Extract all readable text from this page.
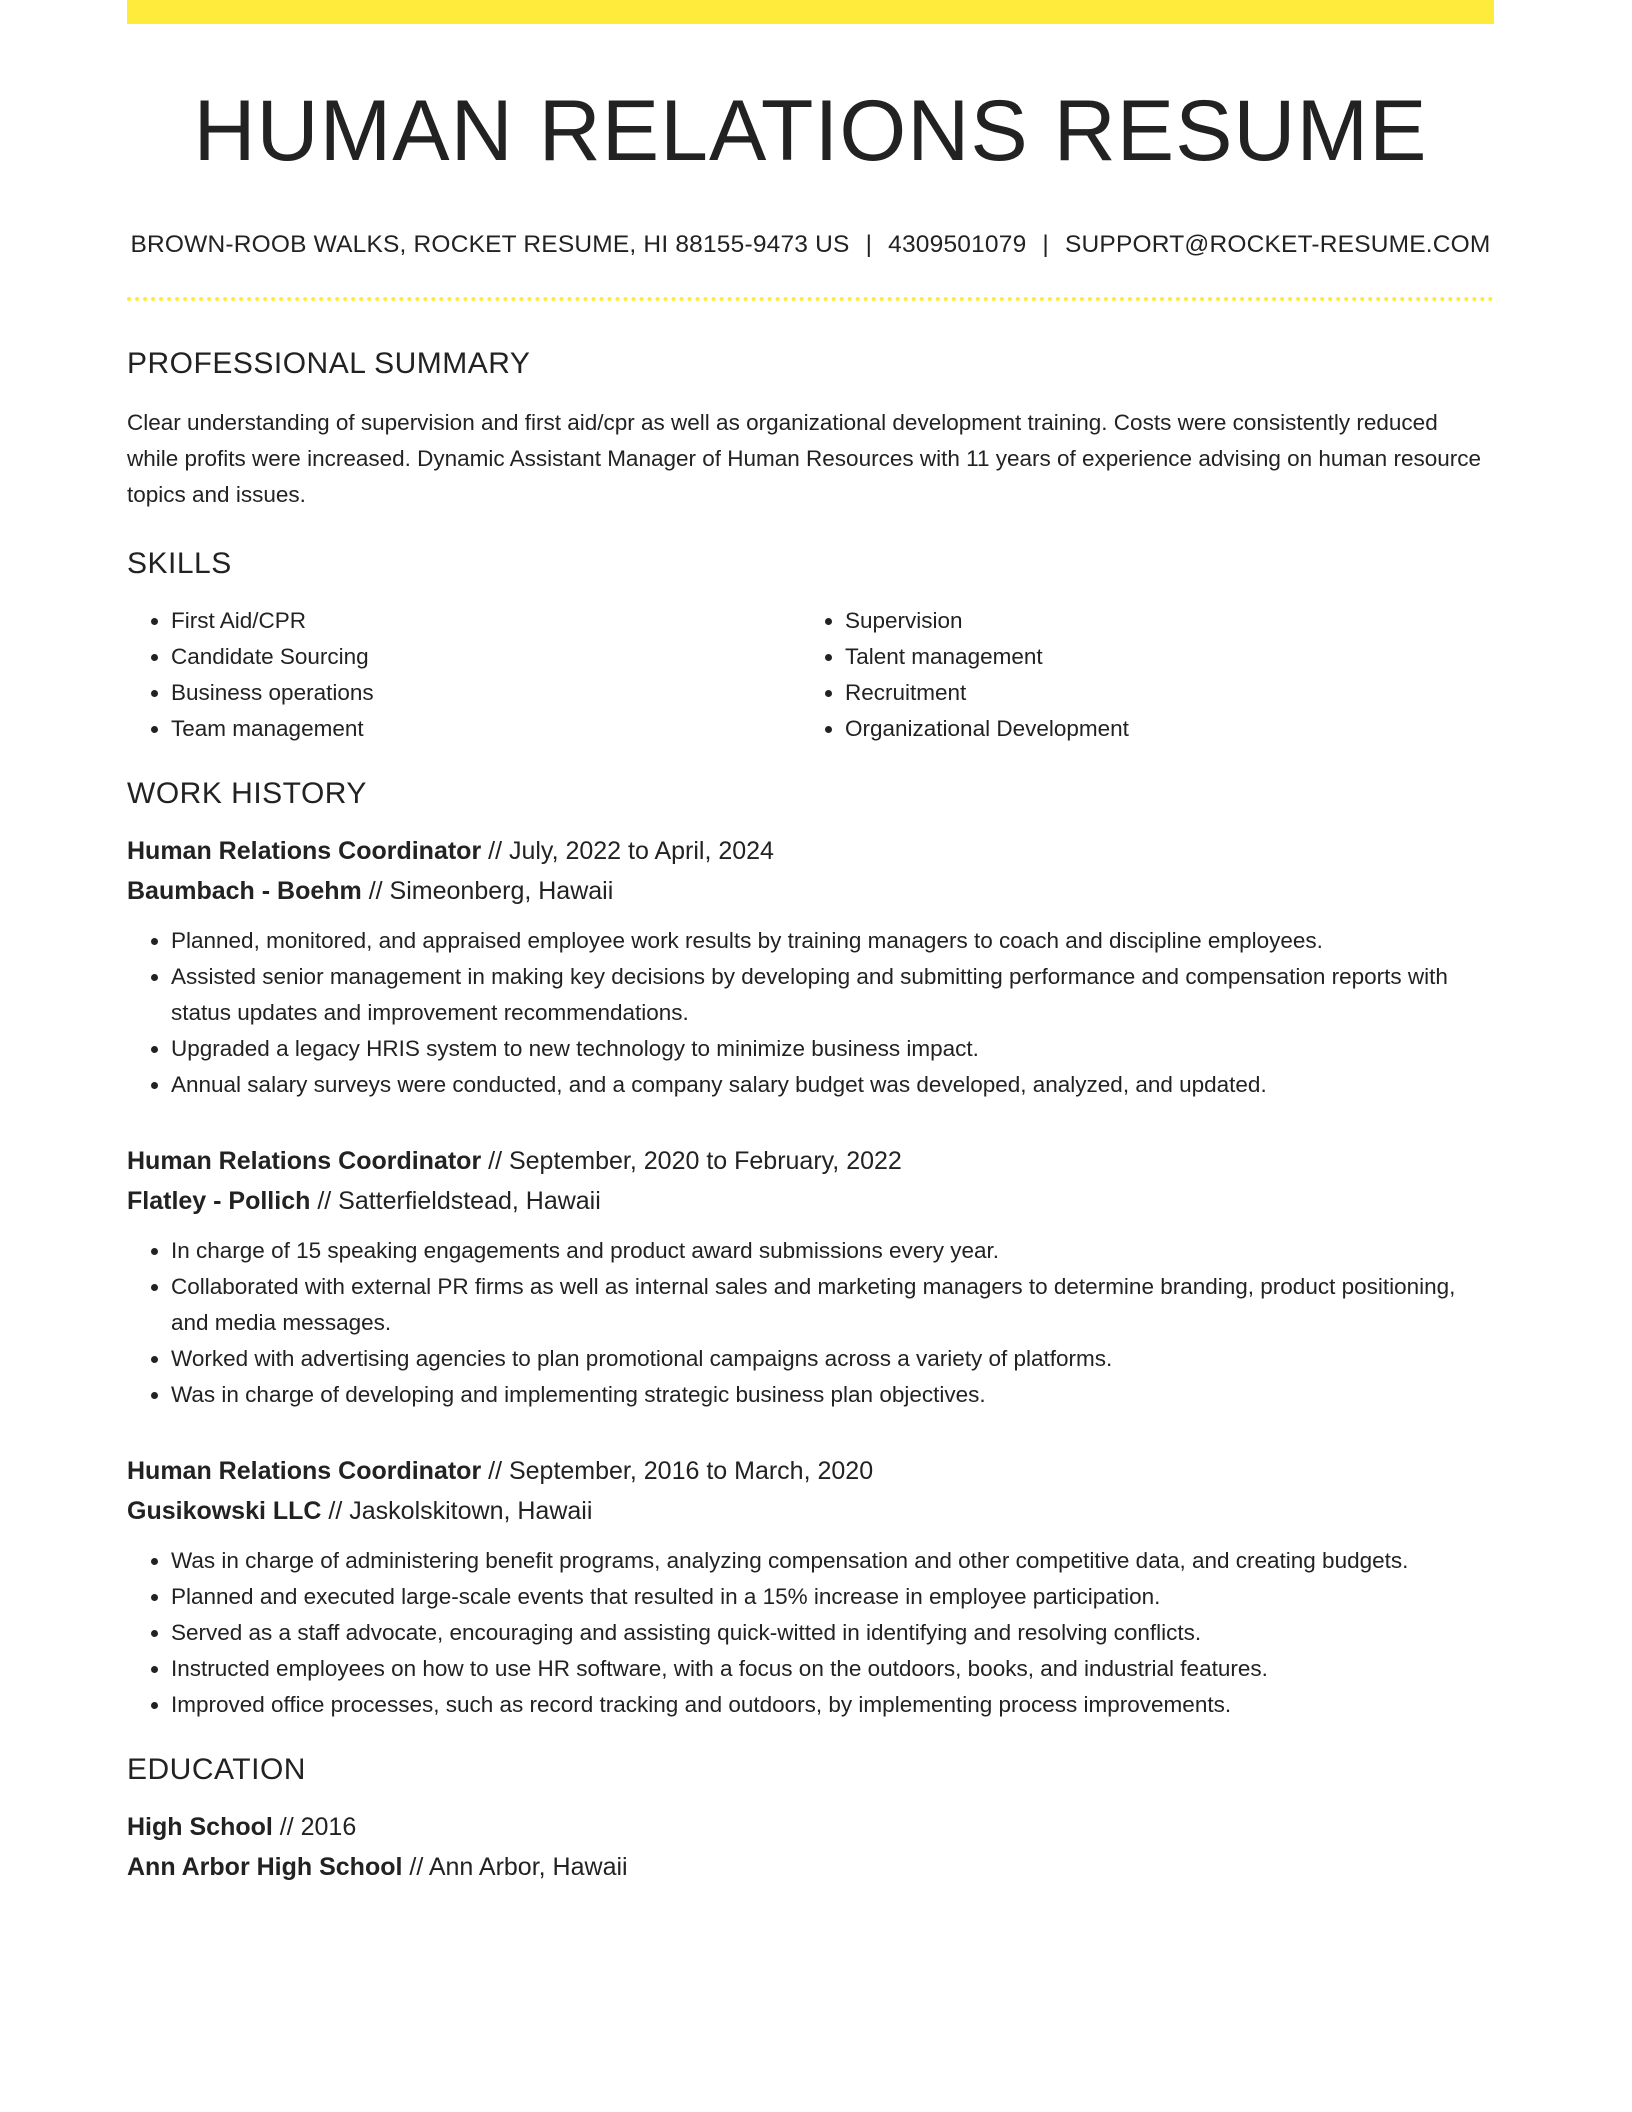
HUMAN RELATIONS RESUME
BROWN-ROOB WALKS, ROCKET RESUME, HI 88155-9473 US | 4309501079 | SUPPORT@ROCKET-RESUME.COM
PROFESSIONAL SUMMARY
Clear understanding of supervision and first aid/cpr as well as organizational development training. Costs were consistently reduced while profits were increased. Dynamic Assistant Manager of Human Resources with 11 years of experience advising on human resource topics and issues.
SKILLS
• First Aid/CPR
• Candidate Sourcing
• Business operations
• Team management
• Supervision
• Talent management
• Recruitment
• Organizational Development
WORK HISTORY
Human Relations Coordinator // July, 2022 to April, 2024
Baumbach - Boehm // Simeonberg, Hawaii
• Planned, monitored, and appraised employee work results by training managers to coach and discipline employees.
• Assisted senior management in making key decisions by developing and submitting performance and compensation reports with status updates and improvement recommendations.
• Upgraded a legacy HRIS system to new technology to minimize business impact.
• Annual salary surveys were conducted, and a company salary budget was developed, analyzed, and updated.
Human Relations Coordinator // September, 2020 to February, 2022
Flatley - Pollich // Satterfieldstead, Hawaii
• In charge of 15 speaking engagements and product award submissions every year.
• Collaborated with external PR firms as well as internal sales and marketing managers to determine branding, product positioning, and media messages.
• Worked with advertising agencies to plan promotional campaigns across a variety of platforms.
• Was in charge of developing and implementing strategic business plan objectives.
Human Relations Coordinator // September, 2016 to March, 2020
Gusikowski LLC // Jaskolskitown, Hawaii
• Was in charge of administering benefit programs, analyzing compensation and other competitive data, and creating budgets.
• Planned and executed large-scale events that resulted in a 15% increase in employee participation.
• Served as a staff advocate, encouraging and assisting quick-witted in identifying and resolving conflicts.
• Instructed employees on how to use HR software, with a focus on the outdoors, books, and industrial features.
• Improved office processes, such as record tracking and outdoors, by implementing process improvements.
EDUCATION
High School // 2016
Ann Arbor High School // Ann Arbor, Hawaii
